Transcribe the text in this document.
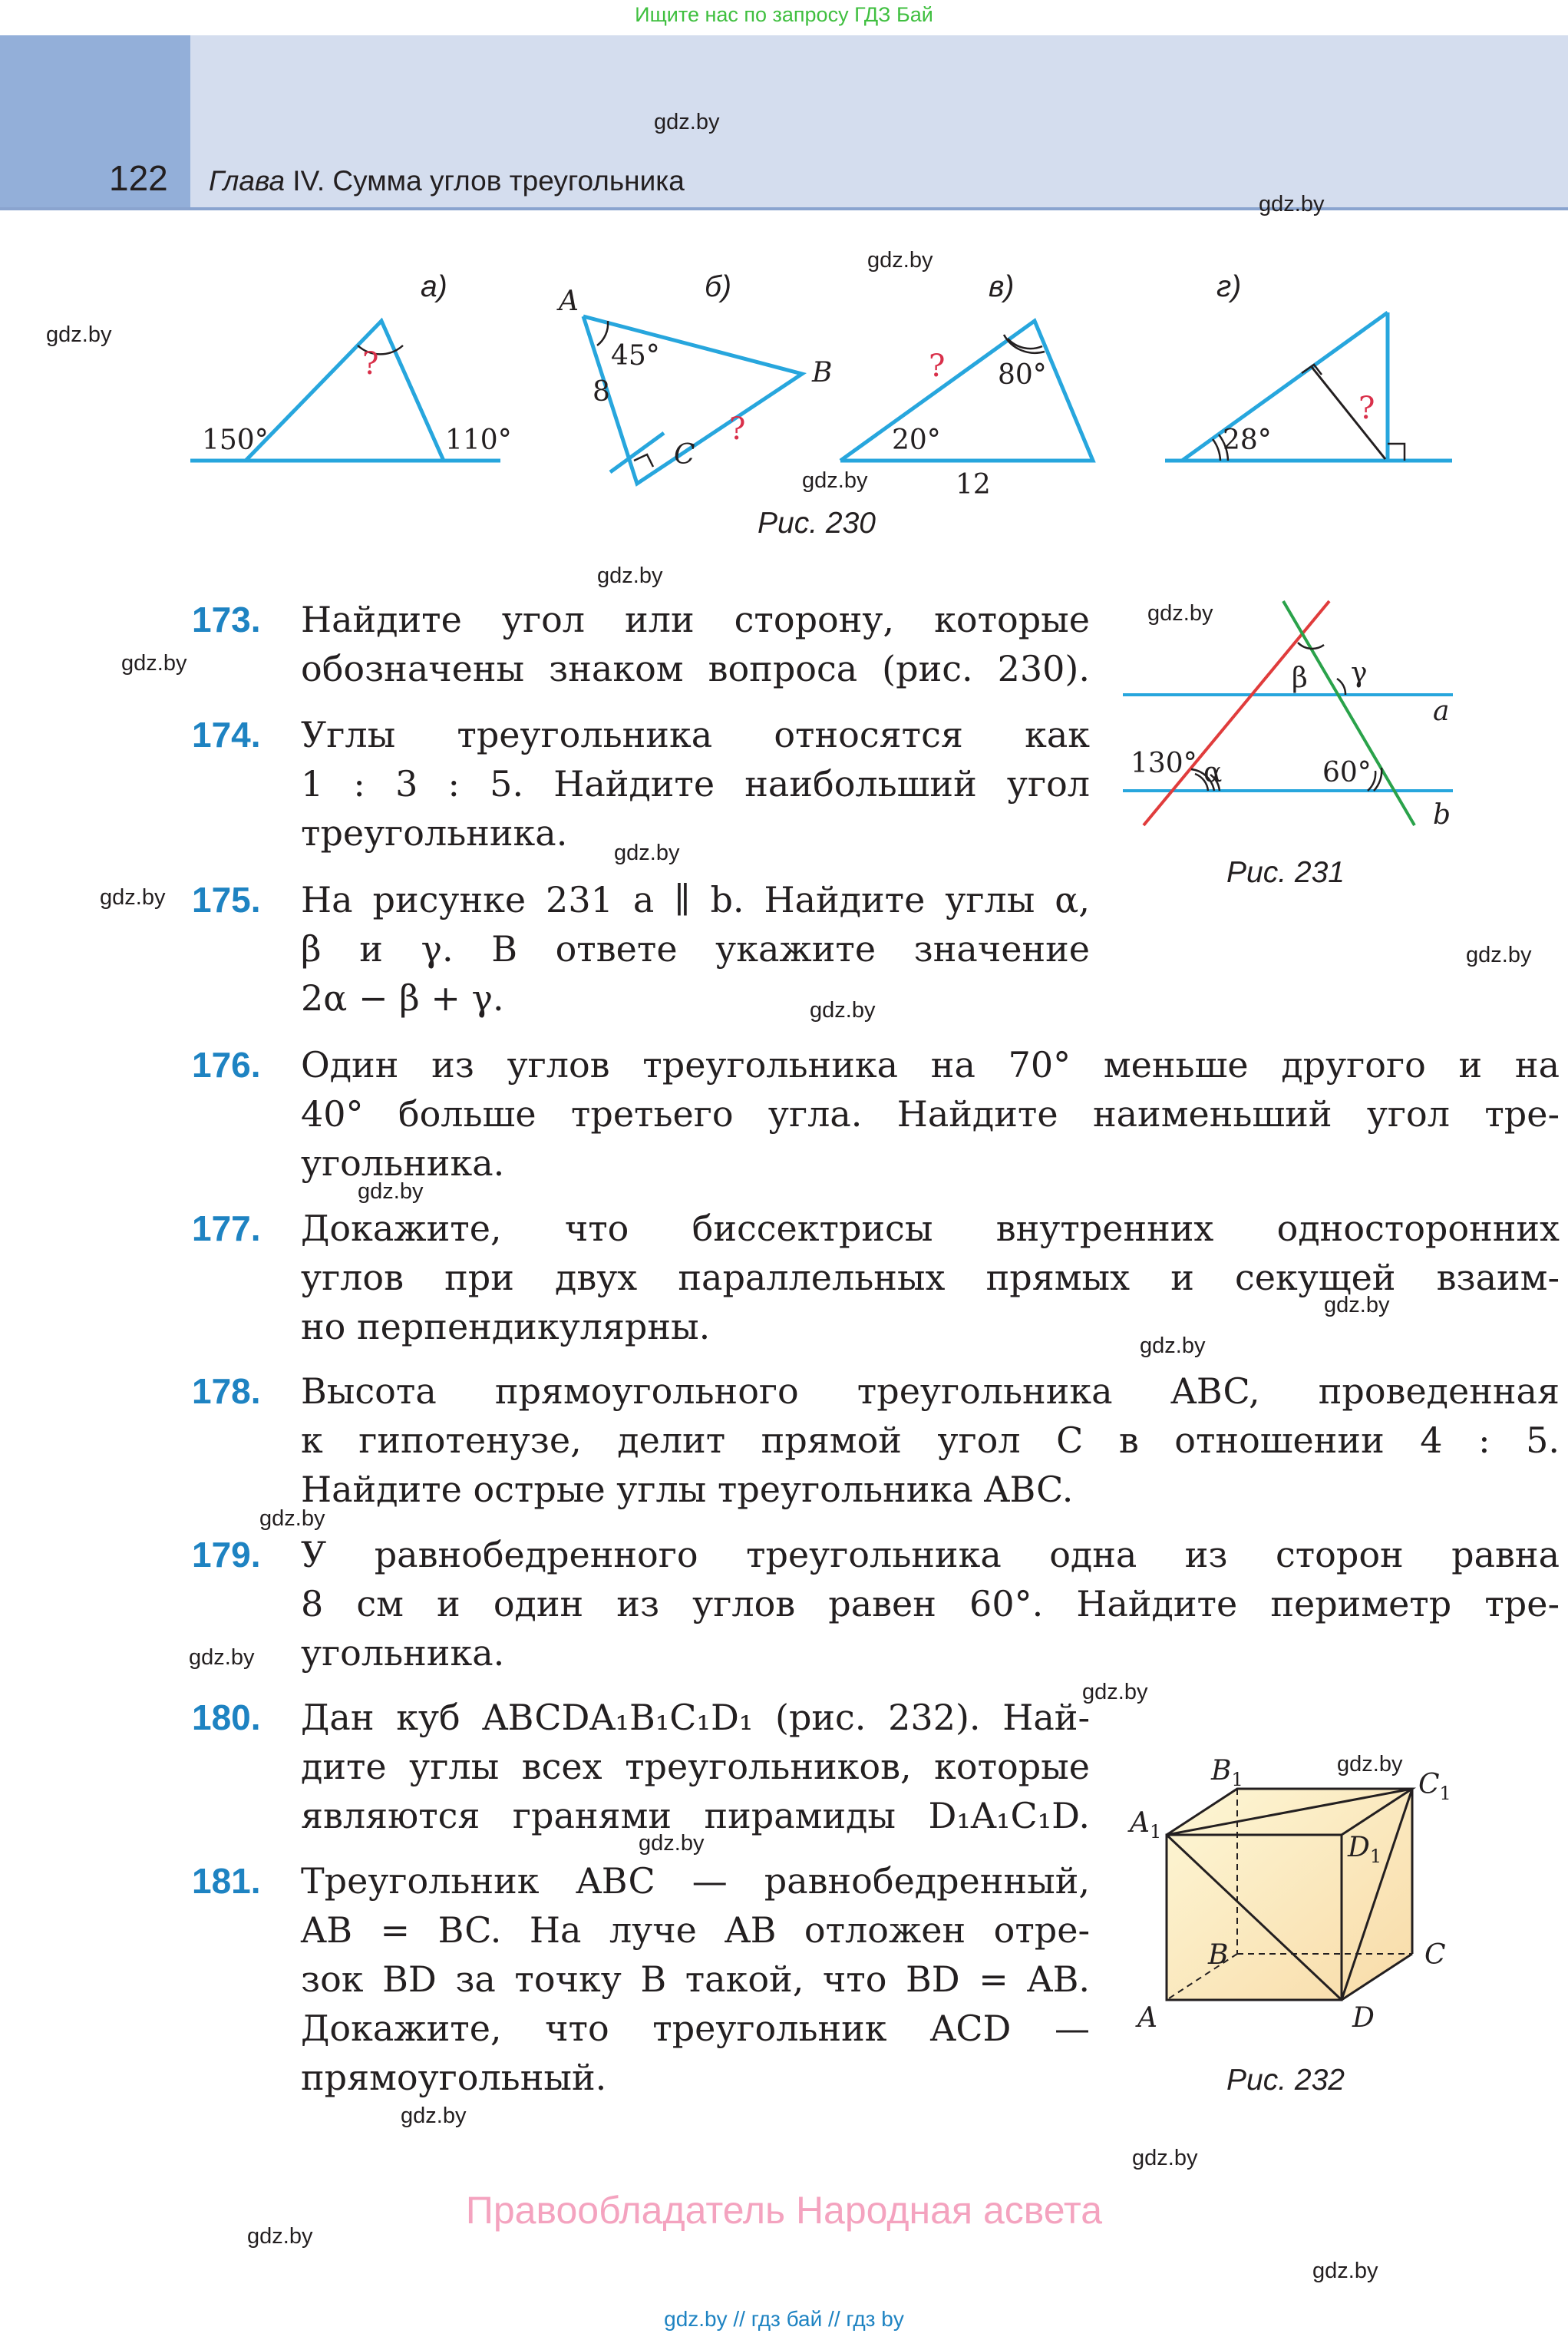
Ищите нас по запросу ГДЗ Бай
122 Глава IV. Сумма углов треугольника
gdz.by
gdz.by
gdz.by
gdz.by
gdz.by
gdz.by
gdz.by
gdz.by
gdz.by
gdz.by
gdz.by
gdz.by
gdz.by
gdz.by
gdz.by
gdz.by
gdz.by
gdz.by
gdz.by
gdz.by
gdz.by
gdz.by
gdz.by
gdz.by
?
?
?
?
150°	110°
A
B
C
45°
8
80°
20°
12
28°
а)	б)	в)	г)
Рис. 230
β γ
α
a
b
130°	60°
Рис. 231
$B_1$	$C_1$
$A_1$	$D_1$
B	C
A	D
Рис. 232
173. Найдите угол или сторону, которые
обозначены знаком вопроса (рис. 230).
174. Углы треугольника относятся как
1 : 3 : 5. Найдите наибольший угол
треугольника.
175. На рисунке 231 a ∥ b. Найдите углы α,
β и γ. В ответе укажите значение
2α − β + γ.
176. Один из углов треугольника на 70° меньше другого и на
40° больше третьего угла. Найдите наименьший угол тре-
угольника.
177. Докажите, что биссектрисы внутренних односторонних
углов при двух параллельных прямых и секущей взаим-
но перпендикулярны.
178. Высота прямоугольного треугольника ABC, проведенная
к гипотенузе, делит прямой угол C в отношении 4 : 5.
Найдите острые углы треугольника ABC.
179. У равнобедренного треугольника одна из сторон равна
8 см и один из углов равен 60°. Найдите периметр тре-
угольника.
180. Дан куб ABCDA₁B₁C₁D₁ (рис. 232). Най-
дите углы всех треугольников, которые
являются гранями пирамиды D₁A₁C₁D.
181. Треугольник ABC — равнобедренный,
AB = BC. На луче AB отложен отре-
зок BD за точку B такой, что BD = AB.
Докажите, что треугольник ACD —
прямоугольный.
Правообладатель Народная асвета
gdz.by // гдз бай // гдз by
